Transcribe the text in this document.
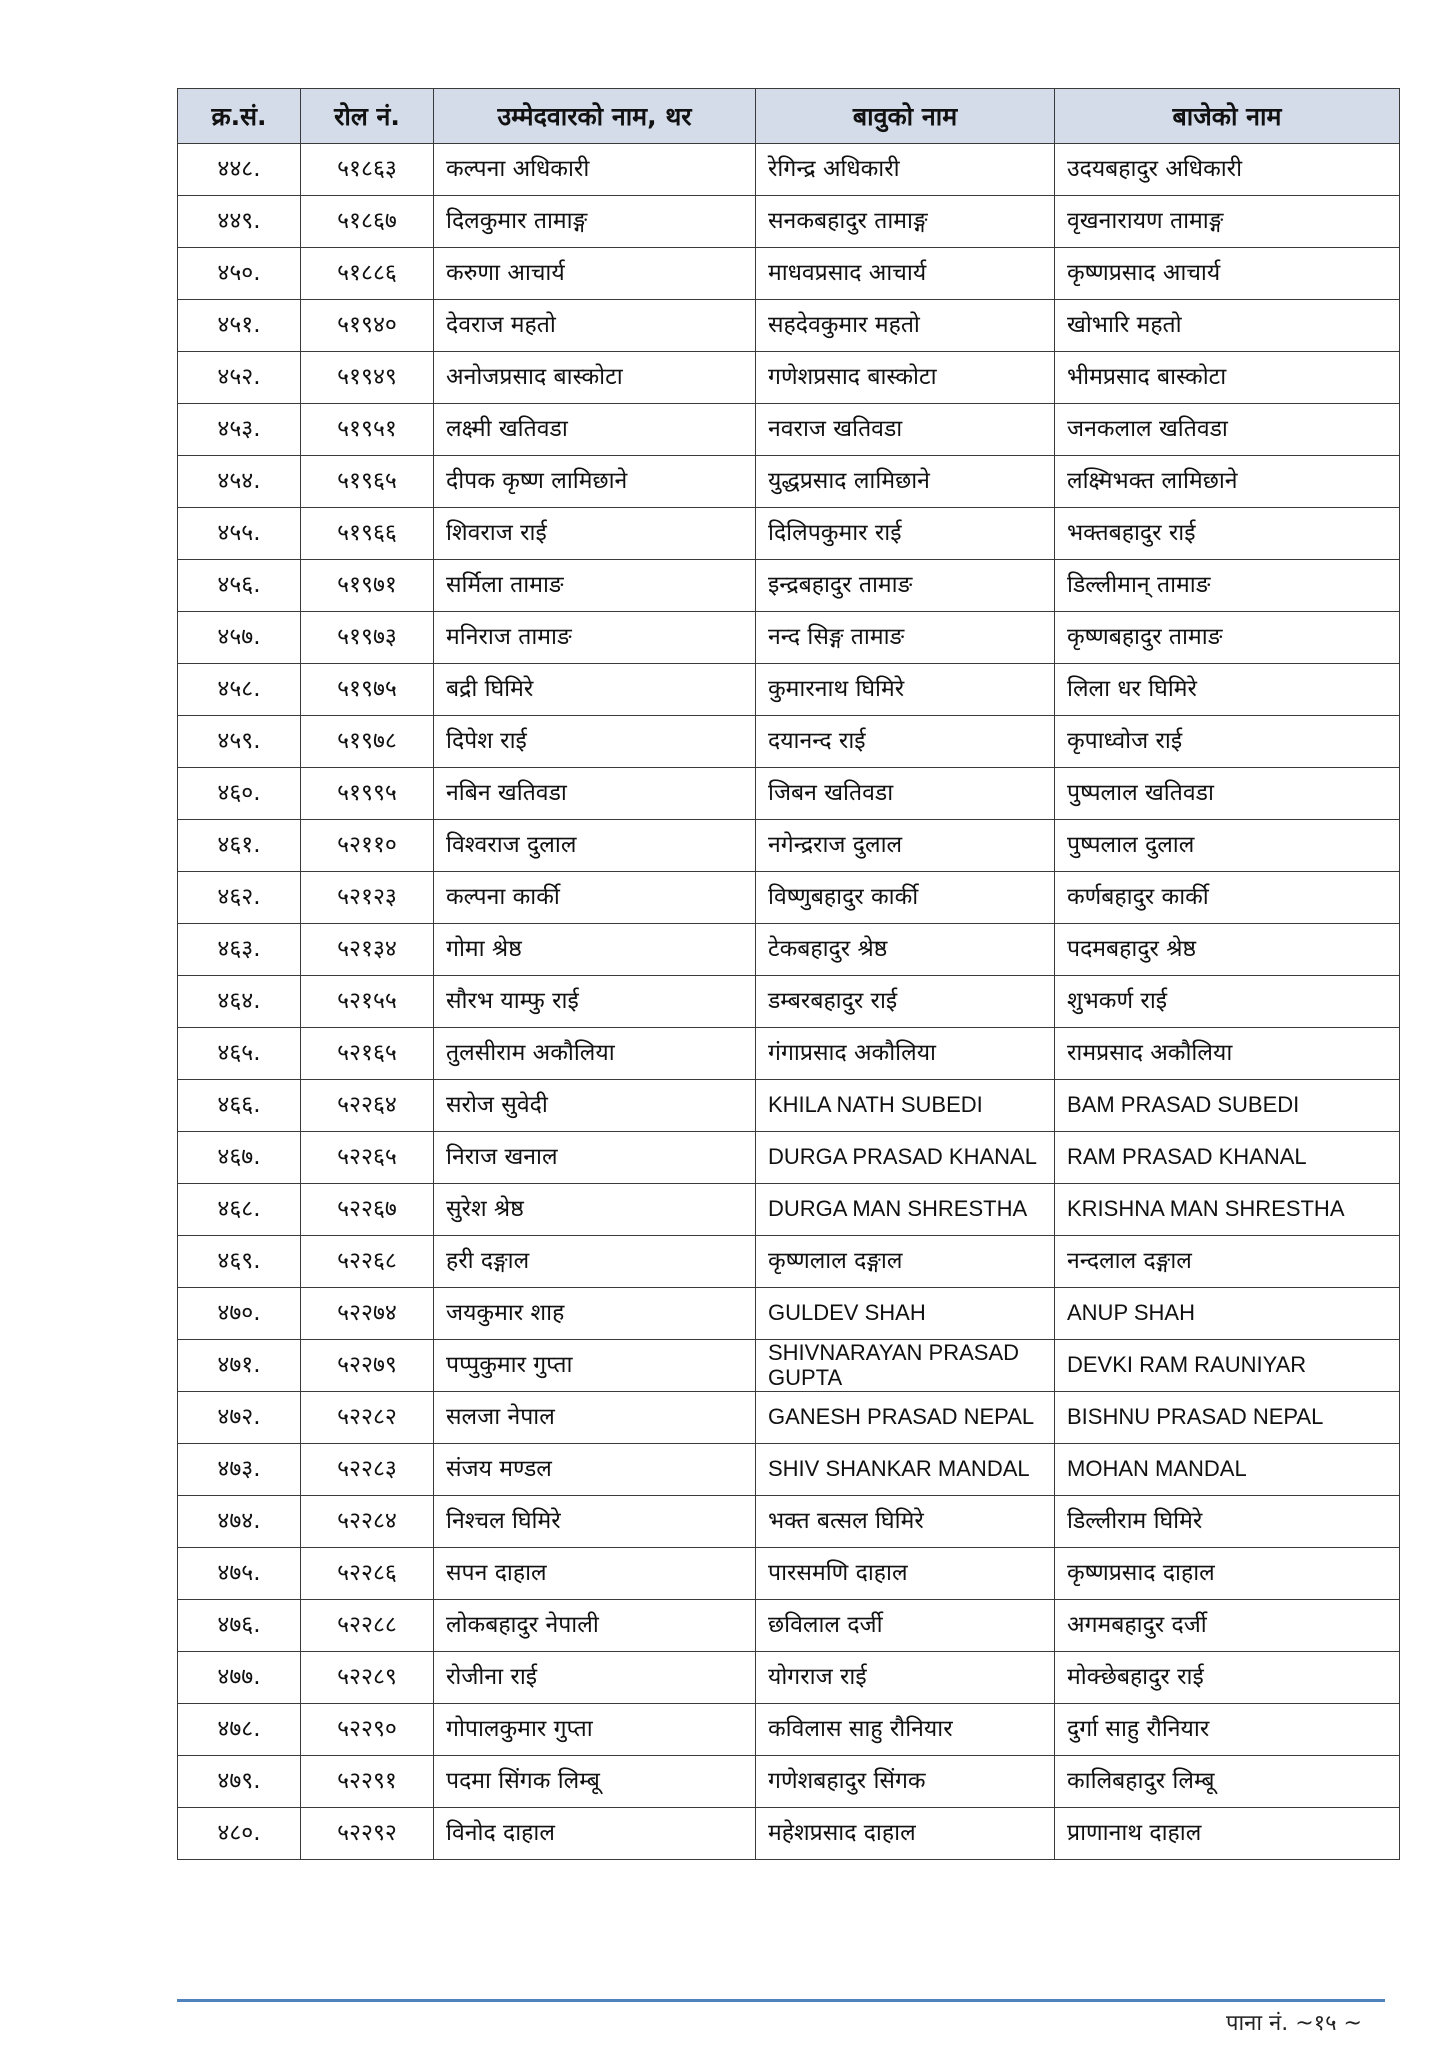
क्र.सं.	रोल नं.	उम्मेदवारको नाम, थर	बावुको नाम	बाजेको नाम
४४८.	५१८६३	कल्पना अधिकारी	रेगिन्द्र अधिकारी	उदयबहादुर अधिकारी
४४९.	५१८६७	दिलकुमार तामाङ्ग	सनकबहादुर तामाङ्ग	वृखनारायण तामाङ्ग
४५०.	५१८८६	करुणा आचार्य	माधवप्रसाद आचार्य	कृष्णप्रसाद आचार्य
४५१.	५१९४०	देवराज महतो	सहदेवकुमार महतो	खोभारि महतो
४५२.	५१९४९	अनोजप्रसाद बास्कोटा	गणेशप्रसाद बास्कोटा	भीमप्रसाद बास्कोटा
४५३.	५१९५१	लक्ष्मी खतिवडा	नवराज खतिवडा	जनकलाल खतिवडा
४५४.	५१९६५	दीपक कृष्ण लामिछाने	युद्धप्रसाद लामिछाने	लक्ष्मिभक्त लामिछाने
४५५.	५१९६६	शिवराज राई	दिलिपकुमार राई	भक्तबहादुर राई
४५६.	५१९७१	सर्मिला तामाङ	इन्द्रबहादुर तामाङ	डिल्लीमान् तामाङ
४५७.	५१९७३	मनिराज तामाङ	नन्द सिङ्ग तामाङ	कृष्णबहादुर तामाङ
४५८.	५१९७५	बद्री घिमिरे	कुमारनाथ घिमिरे	लिला धर घिमिरे
४५९.	५१९७८	दिपेश राई	दयानन्द राई	कृपाध्वोज राई
४६०.	५१९९५	नबिन खतिवडा	जिबन खतिवडा	पुष्पलाल खतिवडा
४६१.	५२११०	विश्वराज दुलाल	नगेन्द्रराज दुलाल	पुष्पलाल दुलाल
४६२.	५२१२३	कल्पना कार्की	विष्णुबहादुर कार्की	कर्णबहादुर कार्की
४६३.	५२१३४	गोमा श्रेष्ठ	टेकबहादुर श्रेष्ठ	पदमबहादुर श्रेष्ठ
४६४.	५२१५५	सौरभ याम्फु राई	डम्बरबहादुर राई	शुभकर्ण राई
४६५.	५२१६५	तुलसीराम अकौलिया	गंगाप्रसाद अकौलिया	रामप्रसाद अकौलिया
४६६.	५२२६४	सरोज सुवेदी	KHILA NATH SUBEDI	BAM PRASAD SUBEDI
४६७.	५२२६५	निराज खनाल	DURGA PRASAD KHANAL	RAM PRASAD KHANAL
४६८.	५२२६७	सुरेश श्रेष्ठ	DURGA MAN SHRESTHA	KRISHNA MAN SHRESTHA
४६९.	५२२६८	हरी दङ्गाल	कृष्णलाल दङ्गाल	नन्दलाल दङ्गाल
४७०.	५२२७४	जयकुमार शाह	GULDEV SHAH	ANUP SHAH
४७१.	५२२७९	पप्पुकुमार गुप्ता	SHIVNARAYAN PRASAD GUPTA	DEVKI RAM RAUNIYAR
४७२.	५२२८२	सलजा नेपाल	GANESH PRASAD NEPAL	BISHNU PRASAD NEPAL
४७३.	५२२८३	संजय मण्डल	SHIV SHANKAR MANDAL	MOHAN MANDAL
४७४.	५२२८४	निश्चल घिमिरे	भक्त बत्सल घिमिरे	डिल्लीराम घिमिरे
४७५.	५२२८६	सपन दाहाल	पारसमणि दाहाल	कृष्णप्रसाद दाहाल
४७६.	५२२८८	लोकबहादुर नेपाली	छविलाल दर्जी	अगमबहादुर दर्जी
४७७.	५२२८९	रोजीना राई	योगराज राई	मोक्छेबहादुर राई
४७८.	५२२९०	गोपालकुमार गुप्ता	कविलास साहु रौनियार	दुर्गा साहु रौनियार
४७९.	५२२९१	पदमा सिंगक लिम्बू	गणेशबहादुर सिंगक	कालिबहादुर लिम्बू
४८०.	५२२९२	विनोद दाहाल	महेशप्रसाद दाहाल	प्राणानाथ दाहाल
पाना नं. ~१५ ~
